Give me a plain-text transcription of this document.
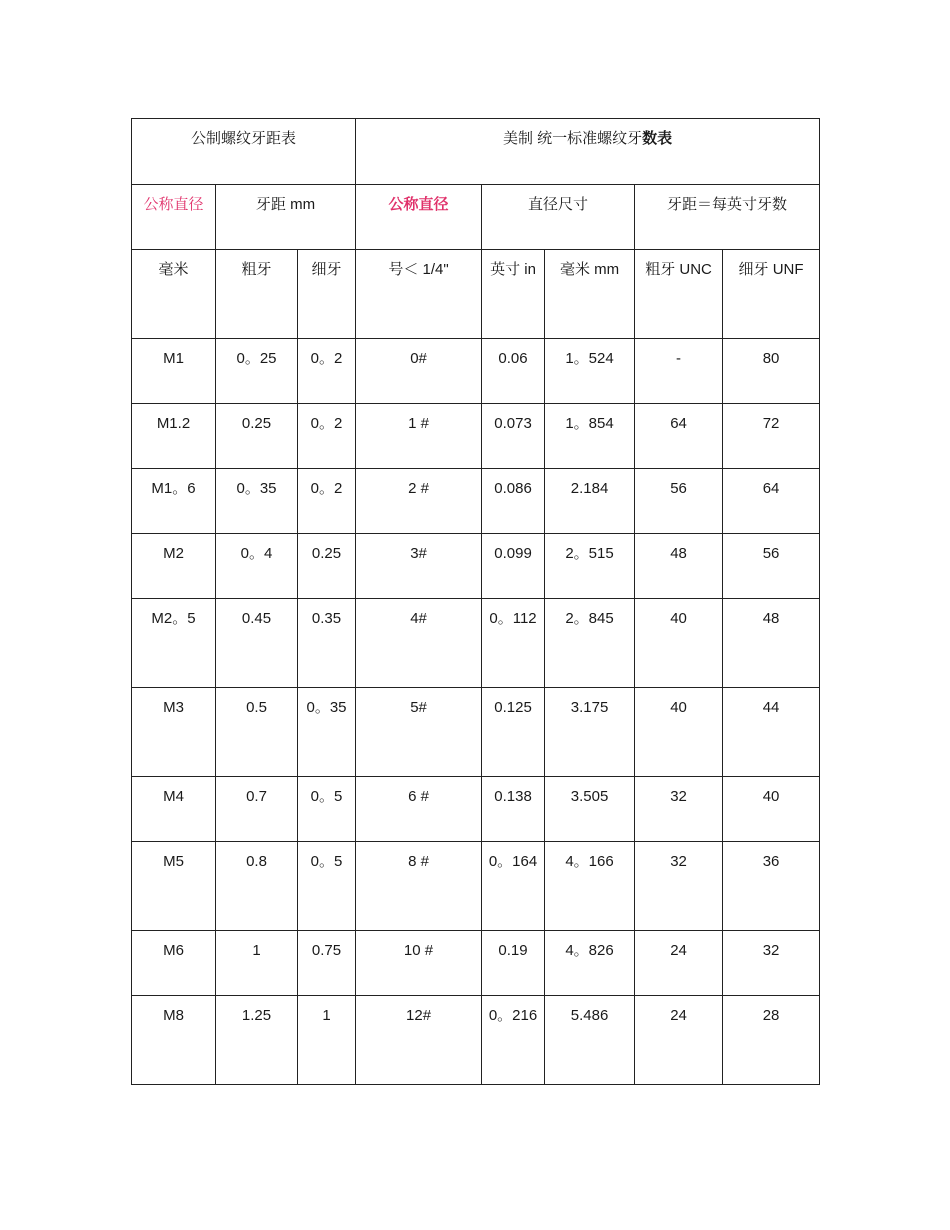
公制螺纹牙距表			美制 统一标准螺纹牙数表				
公称直径	牙距 mm		公称直径	直径尺寸		牙距＝每英寸牙数	
毫米	粗牙	细牙	号＜ 1/4"	英寸 in	毫米 mm	粗牙 UNC	细牙 UNF
M1	0。25	0。2	0#	0.06	1。524	-	80
M1.2	0.25	0。2	1 #	0.073	1。854	64	72
M1。6	0。35	0。2	2 #	0.086	2.184	56	64
M2	0。4	0.25	3#	0.099	2。515	48	56
M2。5	0.45	0.35	4#	0。112	2。845	40	48
M3	0.5	0。35	5#	0.125	3.175	40	44
M4	0.7	0。5	6 #	0.138	3.505	32	40
M5	0.8	0。5	8 #	0。164	4。166	32	36
M6	1	0.75	10 #	0.19	4。826	24	32
M8	1.25	1	12#	0。216	5.486	24	28
